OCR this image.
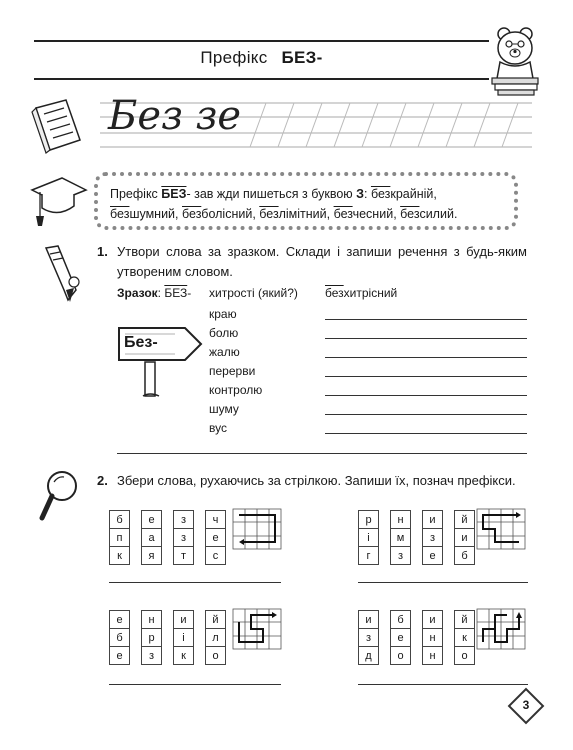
Префікс БЕЗ-
Без зе
Префікс БЕЗ- зав жди пишеться з буквою З: безкрайній, безшумний, безболісний, безлімітний, безчесний, безсилий.
1. Утвори слова за зразком. Склади і запиши речення з будь-яким утвореним словом.
Зразок: БЕЗ- хитрості (який?) безхитрісний
Без-
краю
болю
жалю
перерви
контролю
шуму
вус
2. Збери слова, рухаючись за стрілкою. Запиши їх, познач префікси.
б		е		з		ч
п		а		з		е
к		я		т		с
р		н		и		й
і		м		з		и
г		з		е		б
е		н		и		й
б		р		і		л
е		з		к		о
и		б		и		й
з		е		н		к
д		о		н		о
3
